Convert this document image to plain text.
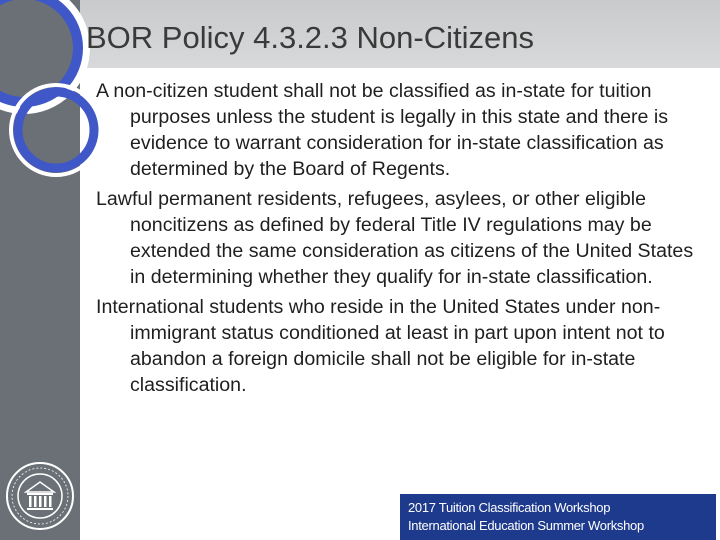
BOR Policy 4.3.2.3 Non-Citizens

A non-citizen student shall not be classified as in-state for tuition purposes unless the student is legally in this state and there is evidence to warrant consideration for in-state classification as determined by the Board of Regents.

Lawful permanent residents, refugees, asylees, or other eligible noncitizens as defined by federal Title IV regulations may be extended the same consideration as citizens of the United States in determining whether they qualify for in-state classification.

International students who reside in the United States under non-immigrant status conditioned at least in part upon intent not to abandon a foreign domicile shall not be eligible for in-state classification.

2017 Tuition Classification Workshop
International Education Summer Workshop
